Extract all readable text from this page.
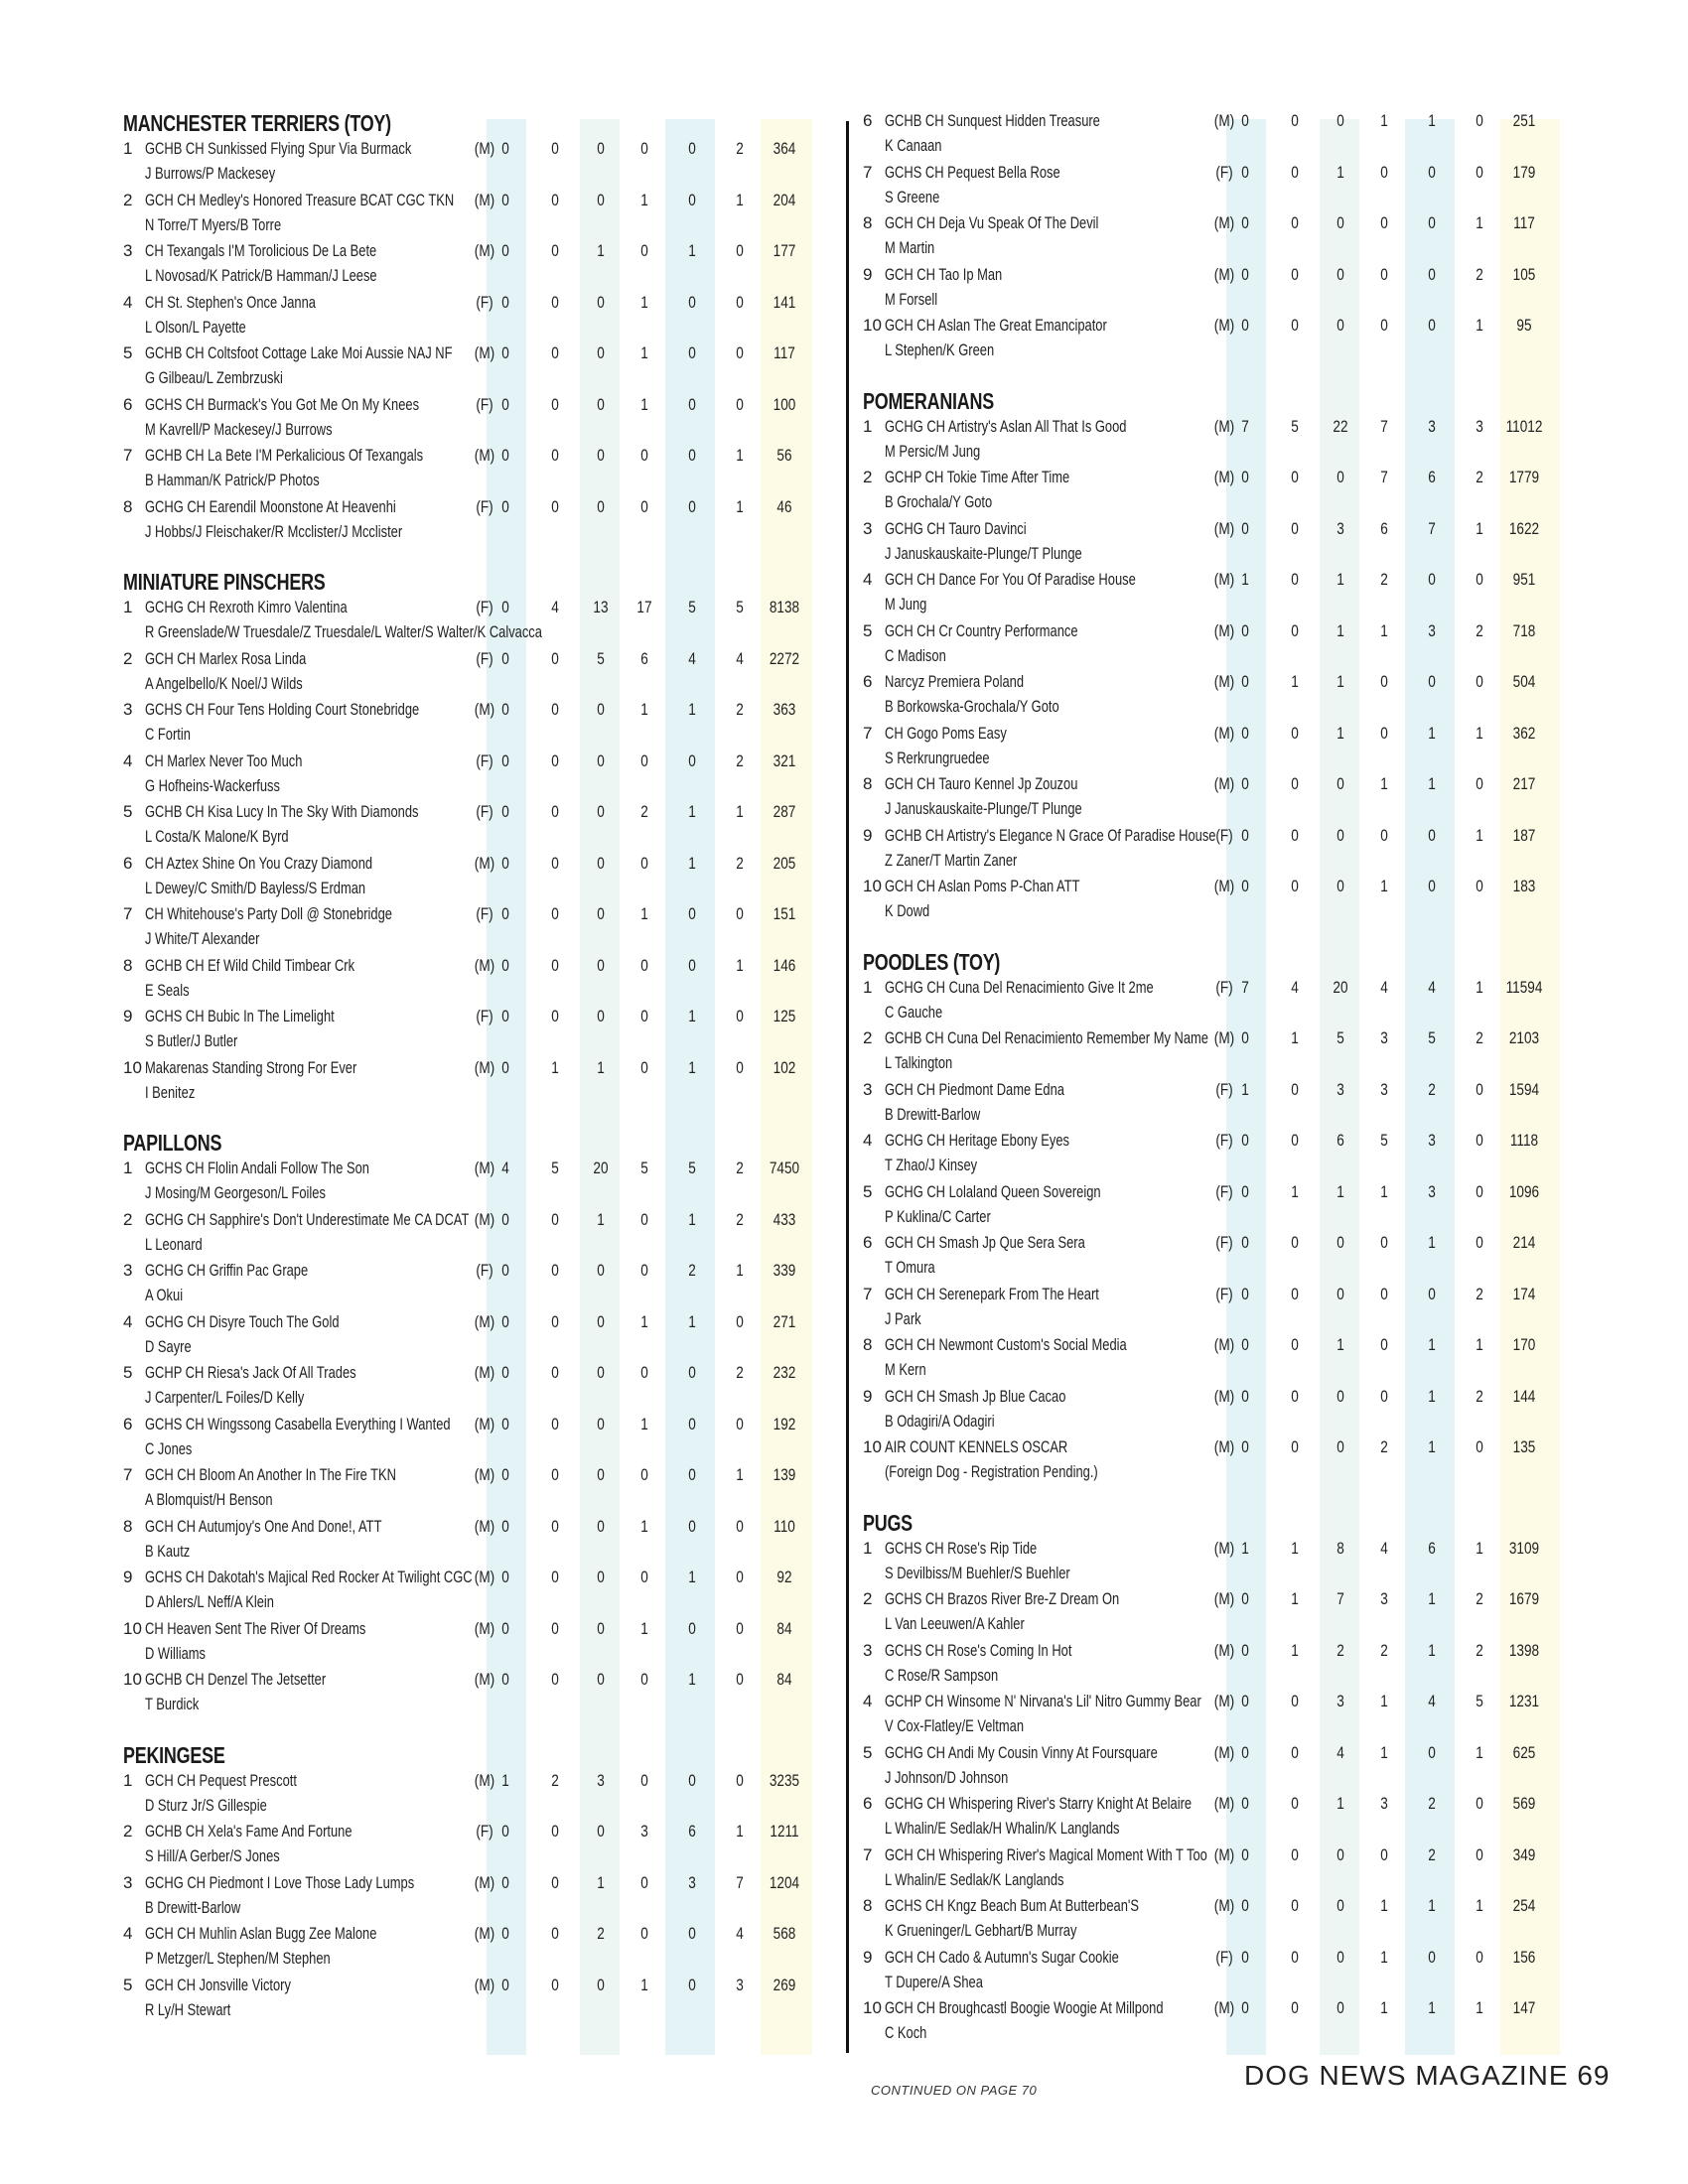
MANCHESTER TERRIERS (TOY)
1 GCHB CH Sunkissed Flying Spur Via Burmack
J Burrows/P Mackesey
(M) 0	0	0	0	0	2	364
2 GCH CH Medley's Honored Treasure BCAT CGC TKN
N Torre/T Myers/B Torre
(M) 0	0	0	1	0	1	204
3 CH Texangals I'M Torolicious De La Bete
L Novosad/K Patrick/B Hamman/J Leese
(M) 0	0	1	0	1	0	177
4 CH St. Stephen's Once Janna
L Olson/L Payette
(F) 0	0	0	1	0	0	141
5 GCHB CH Coltsfoot Cottage Lake Moi Aussie NAJ NF
G Gilbeau/L Zembrzuski
(M) 0	0	0	1	0	0	117
6 GCHS CH Burmack's You Got Me On My Knees
M Kavrell/P Mackesey/J Burrows
(F) 0	0	0	1	0	0	100
7 GCHB CH La Bete I'M Perkalicious Of Texangals
B Hamman/K Patrick/P Photos
(M) 0	0	0	0	0	1	56
8 GCHG CH Earendil Moonstone At Heavenhi
J Hobbs/J Fleischaker/R Mcclister/J Mcclister
(F) 0	0	0	0	0	1	46
MINIATURE PINSCHERS
1 GCHG CH Rexroth Kimro Valentina
R Greenslade/W Truesdale/Z Truesdale/L Walter/S Walter/K Calvacca
(F) 0	4	13	17	5	5	8138
2 GCH CH Marlex Rosa Linda
A Angelbello/K Noel/J Wilds
(F) 0	0	5	6	4	4	2272
3 GCHS CH Four Tens Holding Court Stonebridge
C Fortin
(M) 0	0	0	1	1	2	363
4 CH Marlex Never Too Much
G Hofheins-Wackerfuss
(F) 0	0	0	0	0	2	321
5 GCHB CH Kisa Lucy In The Sky With Diamonds
L Costa/K Malone/K Byrd
(F) 0	0	0	2	1	1	287
6 CH Aztex Shine On You Crazy Diamond
L Dewey/C Smith/D Bayless/S Erdman
(M) 0	0	0	0	1	2	205
7 CH Whitehouse's Party Doll @ Stonebridge
J White/T Alexander
(F) 0	0	0	1	0	0	151
8 GCHB CH Ef Wild Child Timbear Crk
E Seals
(M) 0	0	0	0	0	1	146
9 GCHS CH Bubic In The Limelight
S Butler/J Butler
(F) 0	0	0	0	1	0	125
10 Makarenas Standing Strong For Ever
I Benitez
(M) 0	1	1	0	1	0	102
PAPILLONS
1 GCHS CH Flolin Andali Follow The Son
J Mosing/M Georgeson/L Foiles
(M) 4	5	20	5	5	2	7450
2 GCHG CH Sapphire's Don't Underestimate Me CA DCAT
L Leonard
(M) 0	0	1	0	1	2	433
3 GCHG CH Griffin Pac Grape
A Okui
(F) 0	0	0	0	2	1	339
4 GCHG CH Disyre Touch The Gold
D Sayre
(M) 0	0	0	1	1	0	271
5 GCHP CH Riesa's Jack Of All Trades
J Carpenter/L Foiles/D Kelly
(M) 0	0	0	0	0	2	232
6 GCHS CH Wingssong Casabella Everything I Wanted
C Jones
(M) 0	0	0	1	0	0	192
7 GCH CH Bloom An Another In The Fire TKN
A Blomquist/H Benson
(M) 0	0	0	0	0	1	139
8 GCH CH Autumjoy's One And Done!, ATT
B Kautz
(M) 0	0	0	1	0	0	110
9 GCHS CH Dakotah's Majical Red Rocker At Twilight CGC
D Ahlers/L Neff/A Klein
(M) 0	0	0	0	1	0	92
10 CH Heaven Sent The River Of Dreams
D Williams
(M) 0	0	0	1	0	0	84
10 GCHB CH Denzel The Jetsetter
T Burdick
(M) 0	0	0	0	1	0	84
PEKINGESE
1 GCH CH Pequest Prescott
D Sturz Jr/S Gillespie
(M) 1	2	3	0	0	0	3235
2 GCHB CH Xela's Fame And Fortune
S Hill/A Gerber/S Jones
(F) 0	0	0	3	6	1	1211
3 GCHG CH Piedmont I Love Those Lady Lumps
B Drewitt-Barlow
(M) 0	0	1	0	3	7	1204
4 GCH CH Muhlin Aslan Bugg Zee Malone
P Metzger/L Stephen/M Stephen
(M) 0	0	2	0	0	4	568
5 GCH CH Jonsville Victory
R Ly/H Stewart
(M) 0	0	0	1	0	3	269
6 GCHB CH Sunquest Hidden Treasure
K Canaan
(M) 0	0	0	1	1	0	251
7 GCHS CH Pequest Bella Rose
S Greene
(F) 0	0	1	0	0	0	179
8 GCH CH Deja Vu Speak Of The Devil
M Martin
(M) 0	0	0	0	0	1	117
9 GCH CH Tao Ip Man
M Forsell
(M) 0	0	0	0	0	2	105
10 GCH CH Aslan The Great Emancipator
L Stephen/K Green
(M) 0	0	0	0	0	1	95
POMERANIANS
1 GCHG CH Artistry's Aslan All That Is Good
M Persic/M Jung
(M) 7	5	22	7	3	3	11012
2 GCHP CH Tokie Time After Time
B Grochala/Y Goto
(M) 0	0	0	7	6	2	1779
3 GCHG CH Tauro Davinci
J Januskauskaite-Plunge/T Plunge
(M) 0	0	3	6	7	1	1622
4 GCH CH Dance For You Of Paradise House
M Jung
(M) 1	0	1	2	0	0	951
5 GCH CH Cr Country Performance
C Madison
(M) 0	0	1	1	3	2	718
6 Narcyz Premiera Poland
B Borkowska-Grochala/Y Goto
(M) 0	1	1	0	0	0	504
7 CH Gogo Poms Easy
S Rerkrungruedee
(M) 0	0	1	0	1	1	362
8 GCH CH Tauro Kennel Jp Zouzou
J Januskauskaite-Plunge/T Plunge
(M) 0	0	0	1	1	0	217
9 GCHB CH Artistry's Elegance N Grace Of Paradise House
Z Zaner/T Martin Zaner
(F) 0	0	0	0	0	1	187
10 GCH CH Aslan Poms P-Chan ATT
K Dowd
(M) 0	0	0	1	0	0	183
POODLES (TOY)
1 GCHG CH Cuna Del Renacimiento Give It 2me
C Gauche
(F) 7	4	20	4	4	1	11594
2 GCHB CH Cuna Del Renacimiento Remember My Name
L Talkington
(M) 0	1	5	3	5	2	2103
3 GCH CH Piedmont Dame Edna
B Drewitt-Barlow
(F) 1	0	3	3	2	0	1594
4 GCHG CH Heritage Ebony Eyes
T Zhao/J Kinsey
(F) 0	0	6	5	3	0	1118
5 GCHG CH Lolaland Queen Sovereign
P Kuklina/C Carter
(F) 0	1	1	1	3	0	1096
6 GCH CH Smash Jp Que Sera Sera
T Omura
(F) 0	0	0	0	1	0	214
7 GCH CH Serenepark From The Heart
J Park
(F) 0	0	0	0	0	2	174
8 GCH CH Newmont Custom's Social Media
M Kern
(M) 0	0	1	0	1	1	170
9 GCH CH Smash Jp Blue Cacao
B Odagiri/A Odagiri
(M) 0	0	0	0	1	2	144
10 AIR COUNT KENNELS OSCAR
(Foreign Dog - Registration Pending.)
(M) 0	0	0	2	1	0	135
PUGS
1 GCHS CH Rose's Rip Tide
S Devilbiss/M Buehler/S Buehler
(M) 1	1	8	4	6	1	3109
2 GCHS CH Brazos River Bre-Z Dream On
L Van Leeuwen/A Kahler
(M) 0	1	7	3	1	2	1679
3 GCHS CH Rose's Coming In Hot
C Rose/R Sampson
(M) 0	1	2	2	1	2	1398
4 GCHP CH Winsome N' Nirvana's Lil' Nitro Gummy Bear
V Cox-Flatley/E Veltman
(M) 0	0	3	1	4	5	1231
5 GCHG CH Andi My Cousin Vinny At Foursquare
J Johnson/D Johnson
(M) 0	0	4	1	0	1	625
6 GCHG CH Whispering River's Starry Knight At Belaire
L Whalin/E Sedlak/H Whalin/K Langlands
(M) 0	0	1	3	2	0	569
7 GCH CH Whispering River's Magical Moment With T Too
L Whalin/E Sedlak/K Langlands
(M) 0	0	0	0	2	0	349
8 GCHS CH Kngz Beach Bum At Butterbean'S
K Grueninger/L Gebhart/B Murray
(M) 0	0	0	1	1	1	254
9 GCH CH Cado & Autumn's Sugar Cookie
T Dupere/A Shea
(F) 0	0	0	1	0	0	156
10 GCH CH Broughcastl Boogie Woogie At Millpond
C Koch
(M) 0	0	0	1	1	1	147
CONTINUED ON PAGE 70	DOG NEWS MAGAZINE 69
